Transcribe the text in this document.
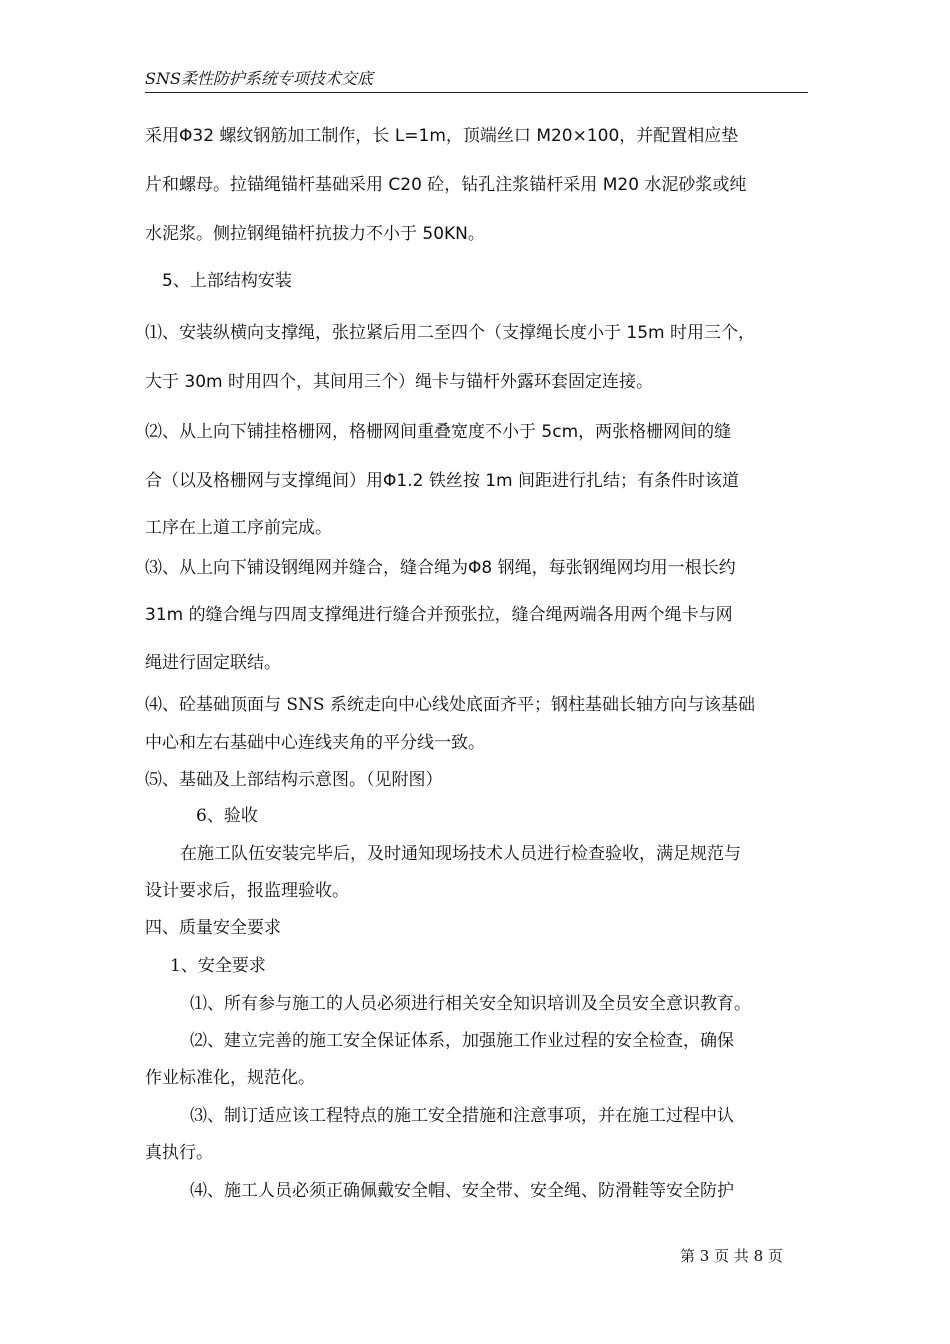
SNS柔性防护系统专项技术交底
采用Φ32 螺纹钢筋加工制作，长 L=1m，顶端丝口 M20×100，并配置相应垫
片和螺母。拉锚绳锚杆基础采用 C20 砼，钻孔注浆锚杆采用 M20 水泥砂浆或纯
水泥浆。侧拉钢绳锚杆抗拔力不小于 50KN。
5、上部结构安装
⑴、安装纵横向支撑绳，张拉紧后用二至四个（支撑绳长度小于 15m 时用三个，
大于 30m 时用四个，其间用三个）绳卡与锚杆外露环套固定连接。
⑵、从上向下铺挂格栅网，格栅网间重叠宽度不小于 5cm，两张格栅网间的缝
合（以及格栅网与支撑绳间）用Φ1.2 铁丝按 1m 间距进行扎结；有条件时该道
工序在上道工序前完成。
⑶、从上向下铺设钢绳网并缝合，缝合绳为Φ8 钢绳，每张钢绳网均用一根长约
31m 的缝合绳与四周支撑绳进行缝合并预张拉，缝合绳两端各用两个绳卡与网
绳进行固定联结。
⑷、砼基础顶面与 SNS 系统走向中心线处底面齐平；钢柱基础长轴方向与该基础
中心和左右基础中心连线夹角的平分线一致。
⑸、基础及上部结构示意图。（见附图）
6、验收
在施工队伍安装完毕后，及时通知现场技术人员进行检查验收，满足规范与
设计要求后，报监理验收。
四、质量安全要求
1、安全要求
⑴、所有参与施工的人员必须进行相关安全知识培训及全员安全意识教育。
⑵、建立完善的施工安全保证体系，加强施工作业过程的安全检查，确保
作业标准化，规范化。
⑶、制订适应该工程特点的施工安全措施和注意事项，并在施工过程中认
真执行。
⑷、施工人员必须正确佩戴安全帽、安全带、安全绳、防滑鞋等安全防护
第 3 页 共 8 页
